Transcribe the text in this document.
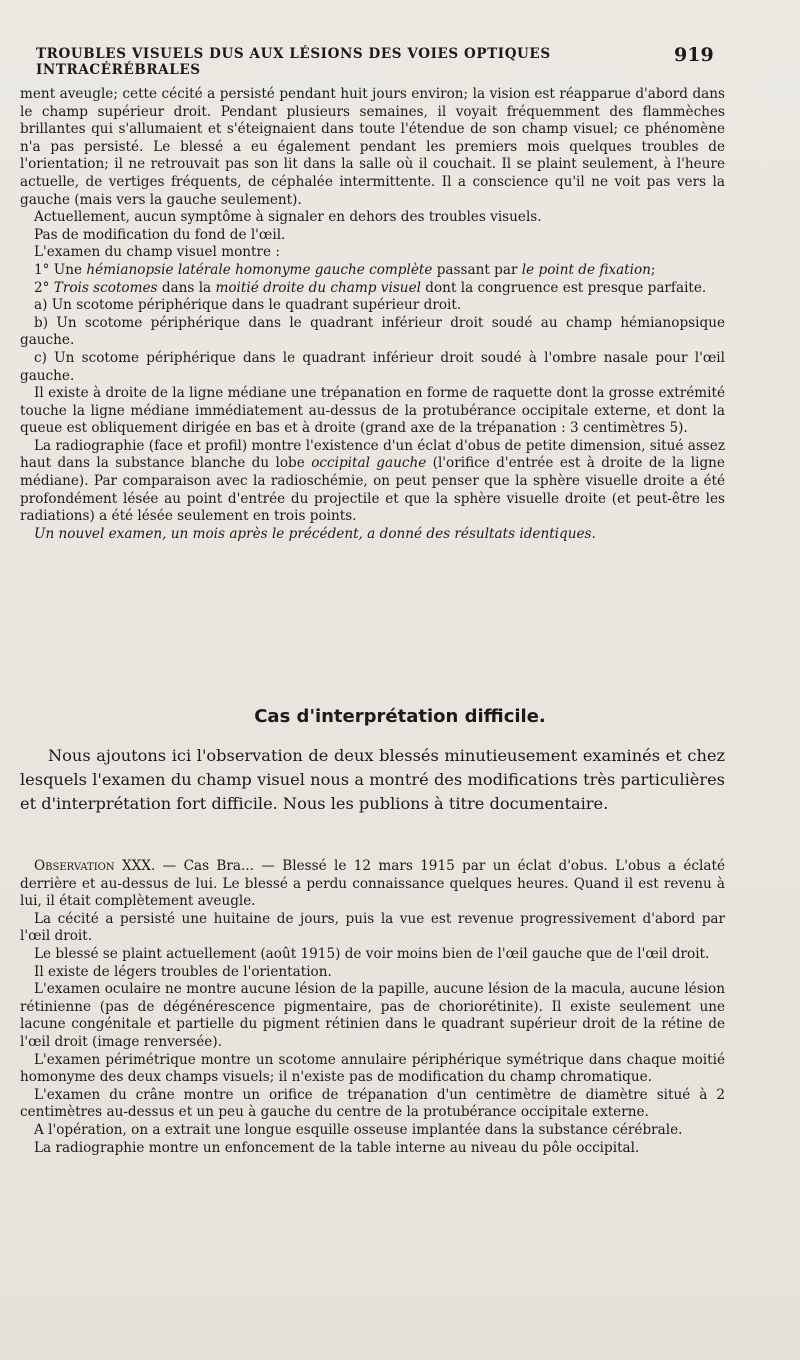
TROUBLES VISUELS DUS AUX LÉSIONS DES VOIES OPTIQUES INTRACÉRÉBRALES
919

ment aveugle; cette cécité a persisté pendant huit jours environ; la vision est réapparue d'abord dans le champ supérieur droit. Pendant plusieurs semaines, il voyait fréquemment des flammèches brillantes qui s'allumaient et s'éteignaient dans toute l'étendue de son champ visuel; ce phénomène n'a pas persisté. Le blessé a eu également pendant les premiers mois quelques troubles de l'orientation; il ne retrouvait pas son lit dans la salle où il couchait. Il se plaint seulement, à l'heure actuelle, de vertiges fréquents, de céphalée intermittente. Il a conscience qu'il ne voit pas vers la gauche (mais vers la gauche seulement).

Actuellement, aucun symptôme à signaler en dehors des troubles visuels.

Pas de modification du fond de l'œil.

L'examen du champ visuel montre :

1° Une hémianopsie latérale homonyme gauche complète passant par le point de fixation;

2° Trois scotomes dans la moitié droite du champ visuel dont la congruence est presque parfaite.

a) Un scotome périphérique dans le quadrant supérieur droit.

b) Un scotome périphérique dans le quadrant inférieur droit soudé au champ hémianopsique gauche.

c) Un scotome périphérique dans le quadrant inférieur droit soudé à l'ombre nasale pour l'œil gauche.

Il existe à droite de la ligne médiane une trépanation en forme de raquette dont la grosse extrémité touche la ligne médiane immédiatement au-dessus de la protubérance occipitale externe, et dont la queue est obliquement dirigée en bas et à droite (grand axe de la trépanation : 3 centimètres 5).

La radiographie (face et profil) montre l'existence d'un éclat d'obus de petite dimension, situé assez haut dans la substance blanche du lobe occipital gauche (l'orifice d'entrée est à droite de la ligne médiane). Par comparaison avec la radioschémie, on peut penser que la sphère visuelle droite a été profondément lésée au point d'entrée du projectile et que la sphère visuelle droite (et peut-être les radiations) a été lésée seulement en trois points.

Un nouvel examen, un mois après le précédent, a donné des résultats identiques.

Cas d'interprétation difficile.

Nous ajoutons ici l'observation de deux blessés minutieusement examinés et chez lesquels l'examen du champ visuel nous a montré des modifications très particulières et d'interprétation fort difficile. Nous les publions à titre documentaire.

Observation XXX. — Cas Bra... — Blessé le 12 mars 1915 par un éclat d'obus. L'obus a éclaté derrière et au-dessus de lui. Le blessé a perdu connaissance quelques heures. Quand il est revenu à lui, il était complètement aveugle.

La cécité a persisté une huitaine de jours, puis la vue est revenue progressivement d'abord par l'œil droit.

Le blessé se plaint actuellement (août 1915) de voir moins bien de l'œil gauche que de l'œil droit.

Il existe de légers troubles de l'orientation.

L'examen oculaire ne montre aucune lésion de la papille, aucune lésion de la macula, aucune lésion rétinienne (pas de dégénérescence pigmentaire, pas de choriorétinite). Il existe seulement une lacune congénitale et partielle du pigment rétinien dans le quadrant supérieur droit de la rétine de l'œil droit (image renversée).

L'examen périmétrique montre un scotome annulaire périphérique symétrique dans chaque moitié homonyme des deux champs visuels; il n'existe pas de modification du champ chromatique.

L'examen du crâne montre un orifice de trépanation d'un centimètre de diamètre situé à 2 centimètres au-dessus et un peu à gauche du centre de la protubérance occipitale externe.

A l'opération, on a extrait une longue esquille osseuse implantée dans la substance cérébrale.

La radiographie montre un enfoncement de la table interne au niveau du pôle occipital.
